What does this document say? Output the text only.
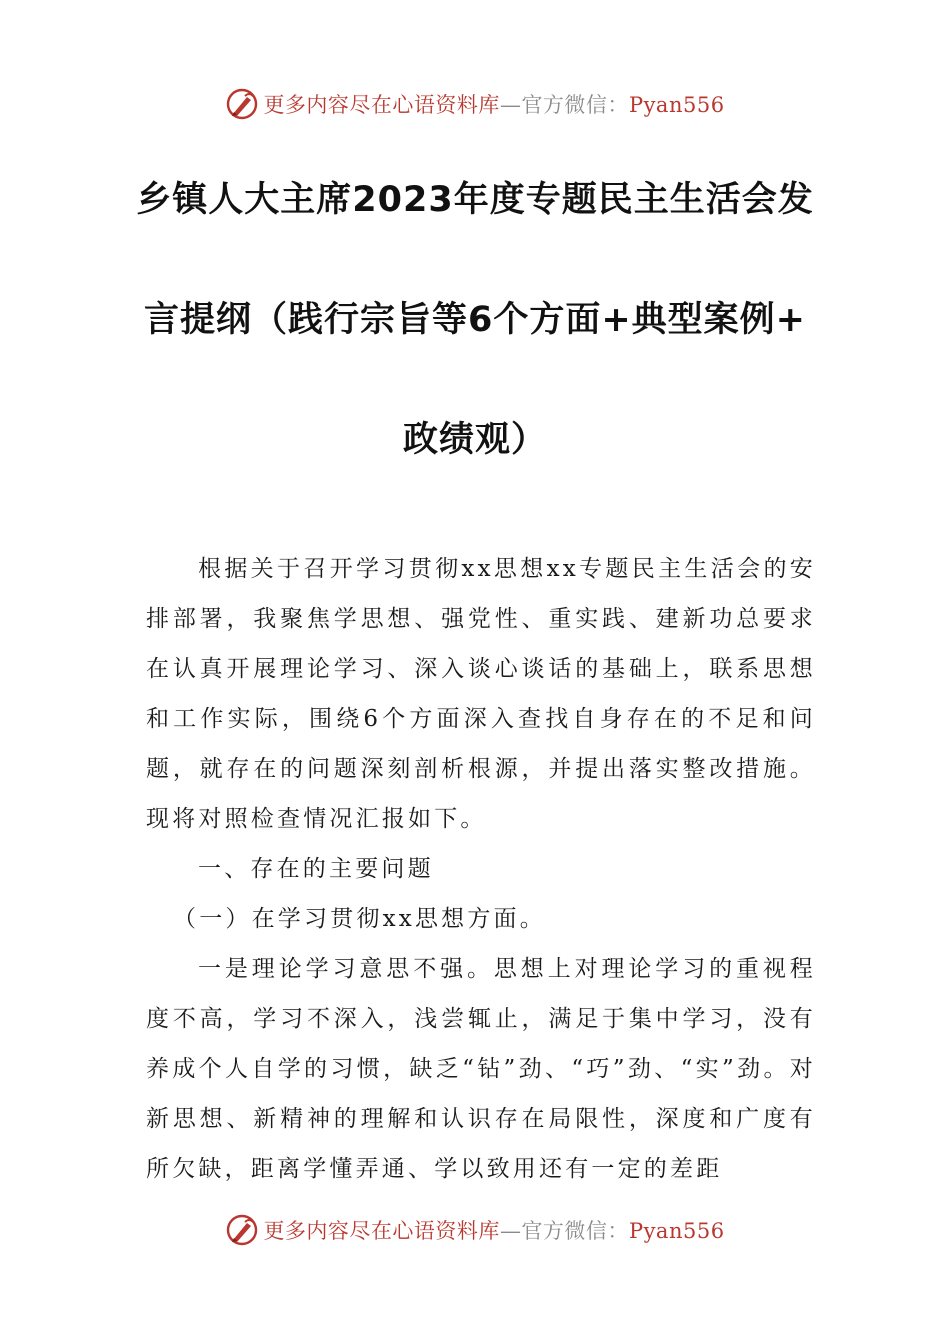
更多内容尽在心语资料库—官方微信：Pyan556
乡镇人大主席2023年度专题民主生活会发
言提纲（践行宗旨等6个方面+典型案例+
政绩观）

根据关于召开学习贯彻xx思想xx专题民主生活会的安排部署，我聚焦学思想、强党性、重实践、建新功总要求在认真开展理论学习、深入谈心谈话的基础上，联系思想和工作实际，围绕6个方面深入查找自身存在的不足和问题，就存在的问题深刻剖析根源，并提出落实整改措施。现将对照检查情况汇报如下。

一、存在的主要问题

（一）在学习贯彻xx思想方面。

一是理论学习意思不强。思想上对理论学习的重视程度不高，学习不深入，浅尝辄止，满足于集中学习，没有养成个人自学的习惯，缺乏“钻”劲、“巧”劲、“实”劲。对新思想、新精神的理解和认识存在局限性，深度和广度有所欠缺，距离学懂弄通、学以致用还有一定的差距

更多内容尽在心语资料库—官方微信：Pyan556
